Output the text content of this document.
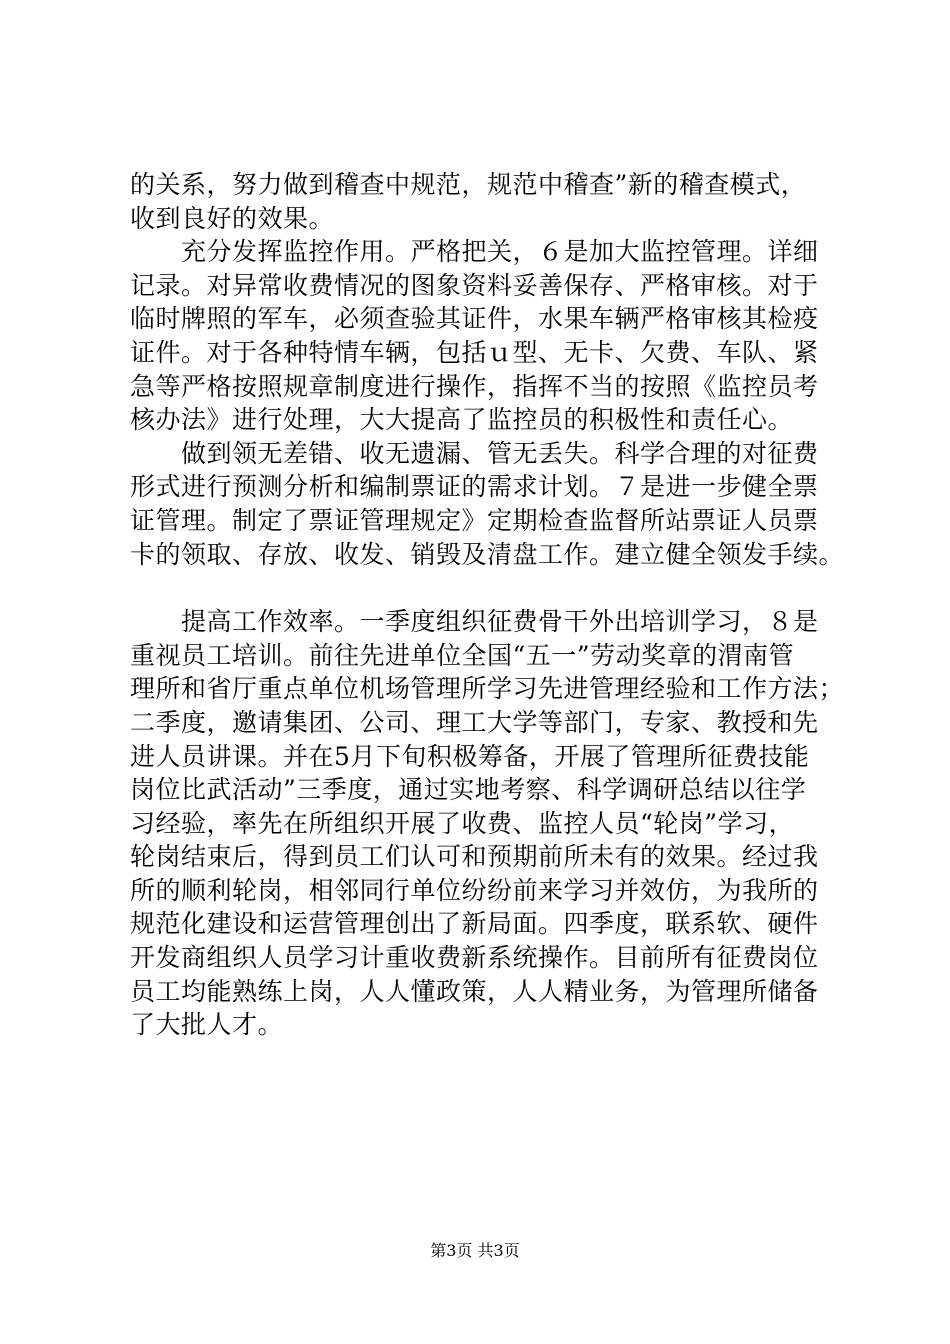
的关系，努力做到稽查中规范，规范中稽查”新的稽查模式，
收到良好的效果。
　　充分发挥监控作用。严格把关，６是加大监控管理。详细
记录。对异常收费情况的图象资料妥善保存、严格审核。对于
临时牌照的军车，必须查验其证件，水果车辆严格审核其检疫
证件。对于各种特情车辆，包括ｕ型、无卡、欠费、车队、紧
急等严格按照规章制度进行操作，指挥不当的按照《监控员考
核办法》进行处理，大大提高了监控员的积极性和责任心。
　　做到领无差错、收无遗漏、管无丢失。科学合理的对征费
形式进行预测分析和编制票证的需求计划。７是进一步健全票
证管理。制定了票证管理规定》定期检查监督所站票证人员票
卡的领取、存放、收发、销毁及清盘工作。建立健全领发手续。
　　提高工作效率。一季度组织征费骨干外出培训学习，８是
重视员工培训。前往先进单位全国“五一”劳动奖章的渭南管
理所和省厅重点单位机场管理所学习先进管理经验和工作方法；
二季度，邀请集团、公司、理工大学等部门，专家、教授和先
进人员讲课。并在5月下旬积极筹备，开展了管理所征费技能
岗位比武活动”三季度，通过实地考察、科学调研总结以往学
习经验，率先在所组织开展了收费、监控人员“轮岗”学习，
轮岗结束后，得到员工们认可和预期前所未有的效果。经过我
所的顺利轮岗，相邻同行单位纷纷前来学习并效仿，为我所的
规范化建设和运营管理创出了新局面。四季度，联系软、硬件
开发商组织人员学习计重收费新系统操作。目前所有征费岗位
员工均能熟练上岗，人人懂政策，人人精业务，为管理所储备
了大批人才。
第3页 共3页
